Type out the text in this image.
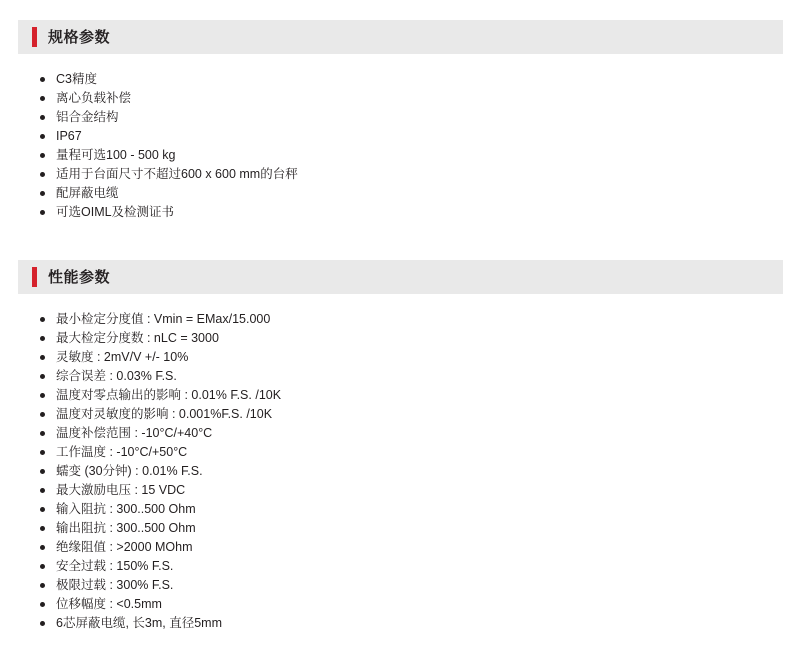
规格参数
C3精度
离心负载补偿
铝合金结构
IP67
量程可选100 - 500 kg
适用于台面尺寸不超过600 x 600 mm的台秤
配屏蔽电缆
可选OIML及检测证书
性能参数
最小检定分度值 : Vmin = EMax/15.000
最大检定分度数 : nLC = 3000
灵敏度 : 2mV/V +/- 10%
综合误差 : 0.03% F.S.
温度对零点输出的影响 : 0.01% F.S. /10K
温度对灵敏度的影响 : 0.001%F.S. /10K
温度补偿范围 : -10°C/+40°C
工作温度 : -10°C/+50°C
蠕变 (30分钟) : 0.01% F.S.
最大激励电压 : 15 VDC
输入阻抗 : 300..500 Ohm
输出阻抗 : 300..500 Ohm
绝缘阻值 : >2000 MOhm
安全过载 : 150% F.S.
极限过载 : 300% F.S.
位移幅度 : <0.5mm
6芯屏蔽电缆, 长3m, 直径5mm
